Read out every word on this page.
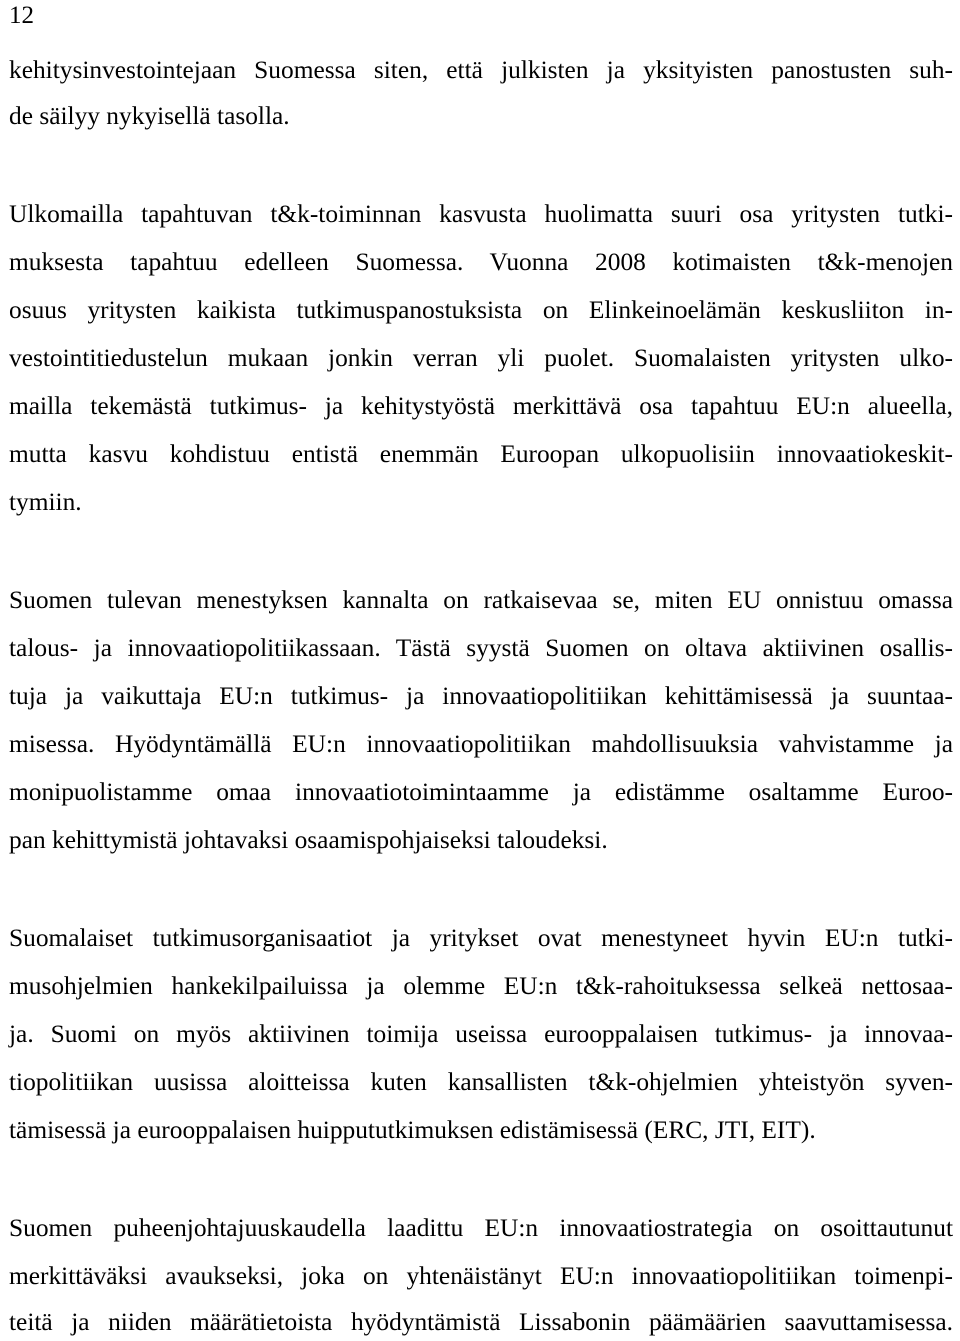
12
kehitysinvestointejaan Suomessa siten, että julkisten ja yksityisten panostusten suh-
de säilyy nykyisellä tasolla.
Ulkomailla tapahtuvan t&k-toiminnan kasvusta huolimatta suuri osa yritysten tutki-
muksesta tapahtuu edelleen Suomessa. Vuonna 2008 kotimaisten t&k-menojen
osuus yritysten kaikista tutkimuspanostuksista on Elinkeinoelämän keskusliiton in-
vestointitiedustelun mukaan jonkin verran yli puolet. Suomalaisten yritysten ulko-
mailla tekemästä tutkimus- ja kehitystyöstä merkittävä osa tapahtuu EU:n alueella,
mutta kasvu kohdistuu entistä enemmän Euroopan ulkopuolisiin innovaatiokeskit-
tymiin.
Suomen tulevan menestyksen kannalta on ratkaisevaa se, miten EU onnistuu omassa
talous- ja innovaatiopolitiikassaan. Tästä syystä Suomen on oltava aktiivinen osallis-
tuja ja vaikuttaja EU:n tutkimus- ja innovaatiopolitiikan kehittämisessä ja suuntaa-
misessa. Hyödyntämällä EU:n innovaatiopolitiikan mahdollisuuksia vahvistamme ja
monipuolistamme omaa innovaatiotoimintaamme ja edistämme osaltamme Euroo-
pan kehittymistä johtavaksi osaamispohjaiseksi taloudeksi.
Suomalaiset tutkimusorganisaatiot ja yritykset ovat menestyneet hyvin EU:n tutki-
musohjelmien hankekilpailuissa ja olemme EU:n t&k-rahoituksessa selkeä nettosaa-
ja. Suomi on myös aktiivinen toimija useissa eurooppalaisen tutkimus- ja innovaa-
tiopolitiikan uusissa aloitteissa kuten kansallisten t&k-ohjelmien yhteistyön syven-
tämisessä ja eurooppalaisen huippututkimuksen edistämisessä (ERC, JTI, EIT).
Suomen puheenjohtajuuskaudella laadittu EU:n innovaatiostrategia on osoittautunut
merkittäväksi avaukseksi, joka on yhtenäistänyt EU:n innovaatiopolitiikan toimenpi-
teitä ja niiden määrätietoista hyödyntämistä Lissabonin päämäärien saavuttamisessa.
